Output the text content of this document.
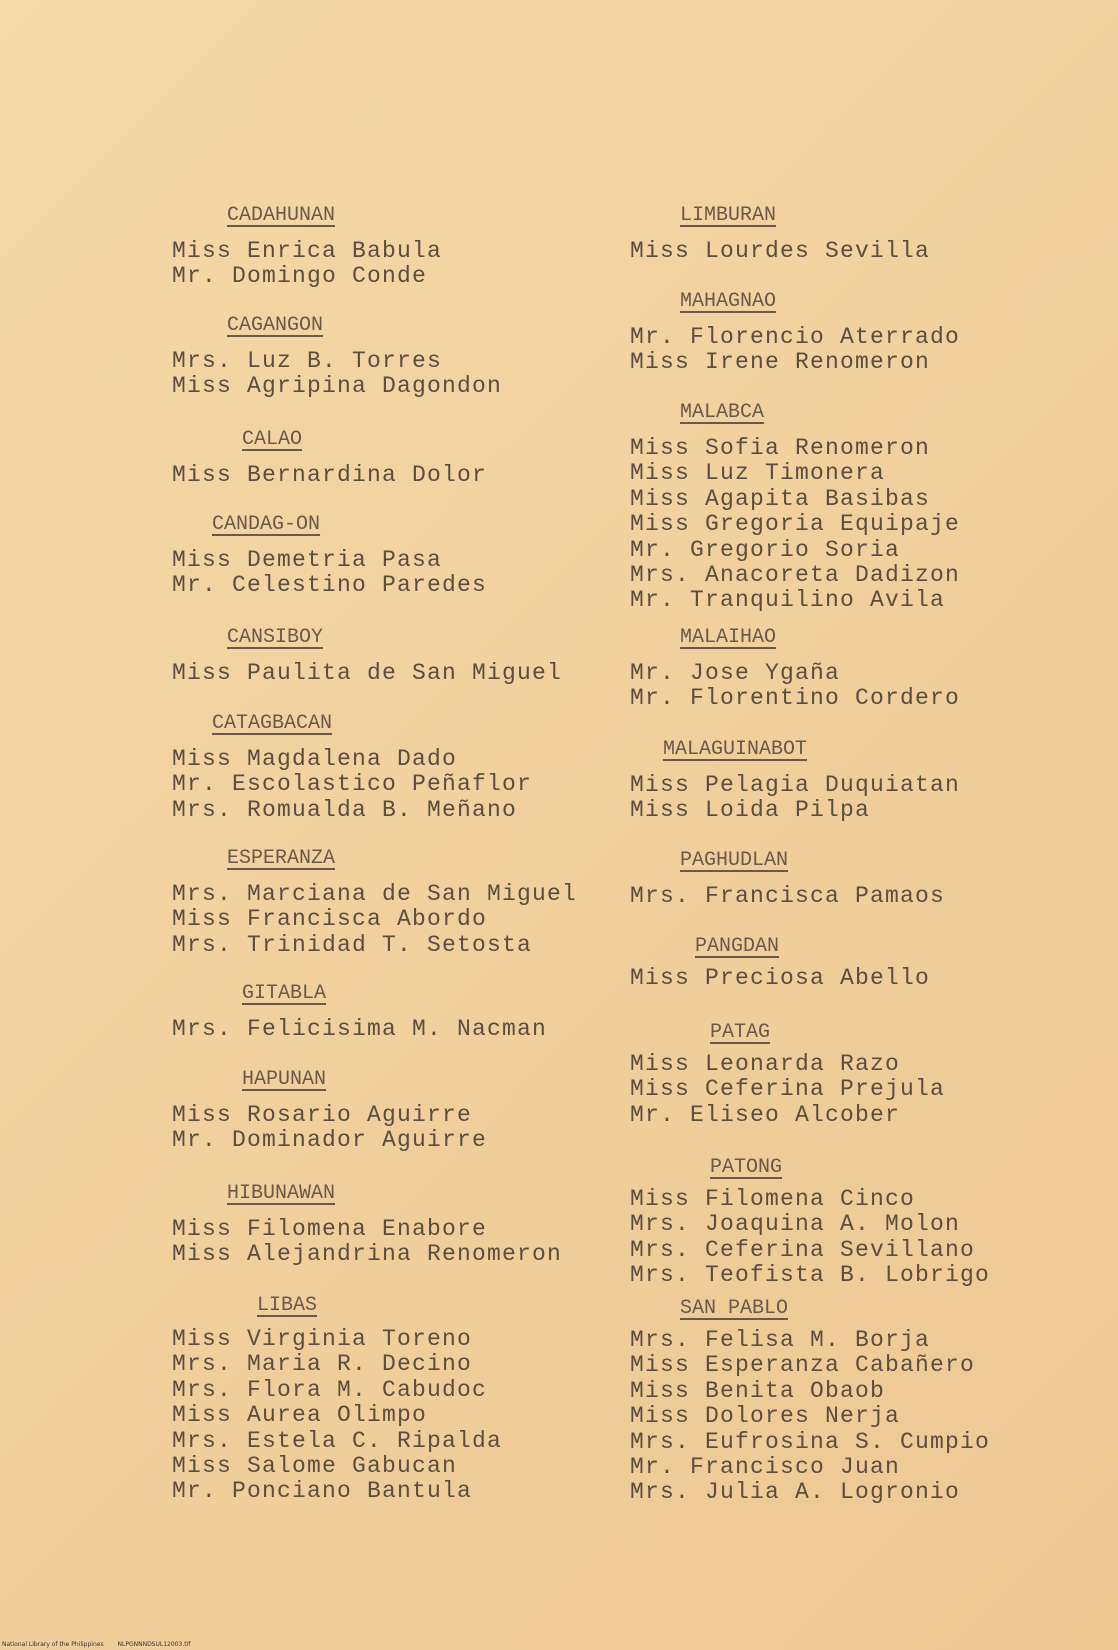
CADAHUNAN
Miss Enrica Babula
Mr. Domingo Conde
CAGANGON
Mrs. Luz B. Torres
Miss Agripina Dagondon
CALAO
Miss Bernardina Dolor
CANDAG-ON
Miss Demetria Pasa
Mr. Celestino Paredes
CANSIBOY
Miss Paulita de San Miguel
CATAGBACAN
Miss Magdalena Dado
Mr. Escolastico Peñaflor
Mrs. Romualda B. Meñano
ESPERANZA
Mrs. Marciana de San Miguel
Miss Francisca Abordo
Mrs. Trinidad T. Setosta
GITABLA
Mrs. Felicisima M. Nacman
HAPUNAN
Miss Rosario Aguirre
Mr. Dominador Aguirre
HIBUNAWAN
Miss Filomena Enabore
Miss Alejandrina Renomeron
LIBAS
Miss Virginia Toreno
Mrs. Maria R. Decino
Mrs. Flora M. Cabudoc
Miss Aurea Olimpo
Mrs. Estela C. Ripalda
Miss Salome Gabucan
Mr. Ponciano Bantula
LIMBURAN
Miss Lourdes Sevilla
MAHAGNAO
Mr. Florencio Aterrado
Miss Irene Renomeron
MALABCA
Miss Sofia Renomeron
Miss Luz Timonera
Miss Agapita Basibas
Miss Gregoria Equipaje
Mr. Gregorio Soria
Mrs. Anacoreta Dadizon
Mr. Tranquilino Avila
MALAIHAO
Mr. Jose Ygaña
Mr. Florentino Cordero
MALAGUINABOT
Miss Pelagia Duquiatan
Miss Loida Pilpa
PAGHUDLAN
Mrs. Francisca Pamaos
PANGDAN
Miss Preciosa Abello
PATAG
Miss Leonarda Razo
Miss Ceferina Prejula
Mr. Eliseo Alcober
PATONG
Miss Filomena Cinco
Mrs. Joaquina A. Molon
Mrs. Ceferina Sevillano
Mrs. Teofista B. Lobrigo
SAN PABLO
Mrs. Felisa M. Borja
Miss Esperanza Cabañero
Miss Benita Obaob
Miss Dolores Nerja
Mrs. Eufrosina S. Cumpio
Mr. Francisco Juan
Mrs. Julia A. Logronio
National Library of the Philippines NLPGNNNDSUL12003.tif
